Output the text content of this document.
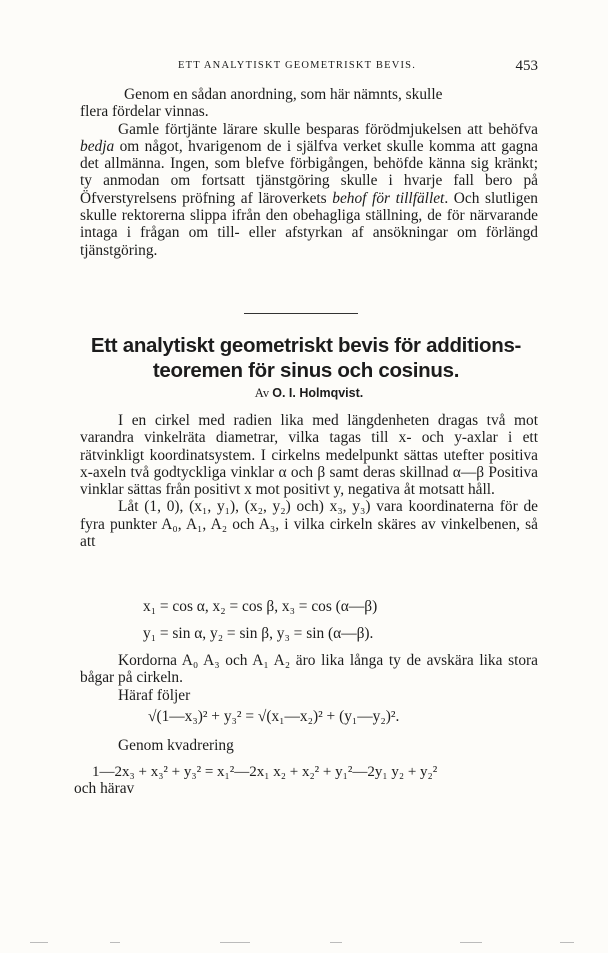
ETT ANALYTISKT GEOMETRISKT BEVIS.	453

Genom en sådan anordning, som här nämnts, skulle
flera fördelar vinnas.

Gamle förtjänte lärare skulle besparas förödmjukelsen att behöfva bedja om något, hvarigenom de i själfva verket skulle komma att gagna det allmänna. Ingen, som blefve förbigången, behöfde känna sig kränkt; ty anmodan om fortsatt tjänstgöring skulle i hvarje fall bero på Öfverstyrelsens pröfning af läroverkets behof för tillfället. Och slutligen skulle rektorerna slippa ifrån den obehagliga ställning, de för närvarande intaga i frågan om till- eller afstyrkan af ansökningar om förlängd tjänstgöring.

Ett analytiskt geometriskt bevis för additions-
teoremen för sinus och cosinus.
Av O. I. Holmqvist.

I en cirkel med radien lika med längdenheten dragas två mot varandra vinkelräta diametrar, vilka tagas till x- och y-axlar i ett rätvinkligt koordinatsystem. I cirkelns medelpunkt sättas utefter positiva x-axeln två godtyckliga vinklar α och β samt deras skillnad α—β Positiva vinklar sättas från positivt x mot positivt y, negativa åt motsatt håll.

Låt (1, 0), (x₁, y₁), (x₂, y₂) och) x₃, y₃) vara koordinaterna för de fyra punkter A₀, A₁, A₂ och A₃, i vilka cirkeln skäres av vinkelbenen, så att

x₁ = cos α, x₂ = cos β, x₃ = cos (α—β)
y₁ = sin α, y₂ = sin β, y₃ = sin (α—β).

Kordorna A₀ A₃ och A₁ A₂ äro lika långa ty de avskära lika stora bågar på cirkeln.

Häraf följer

√(1—x₃)² + y₃² = √(x₁—x₂)² + (y₁—y₂)².

Genom kvadrering

1—2x₃ + x₃² + y₃² = x₁²—2x₁ x₂ + x₂² + y₁²—2y₁ y₂ + y₂²

och härav
